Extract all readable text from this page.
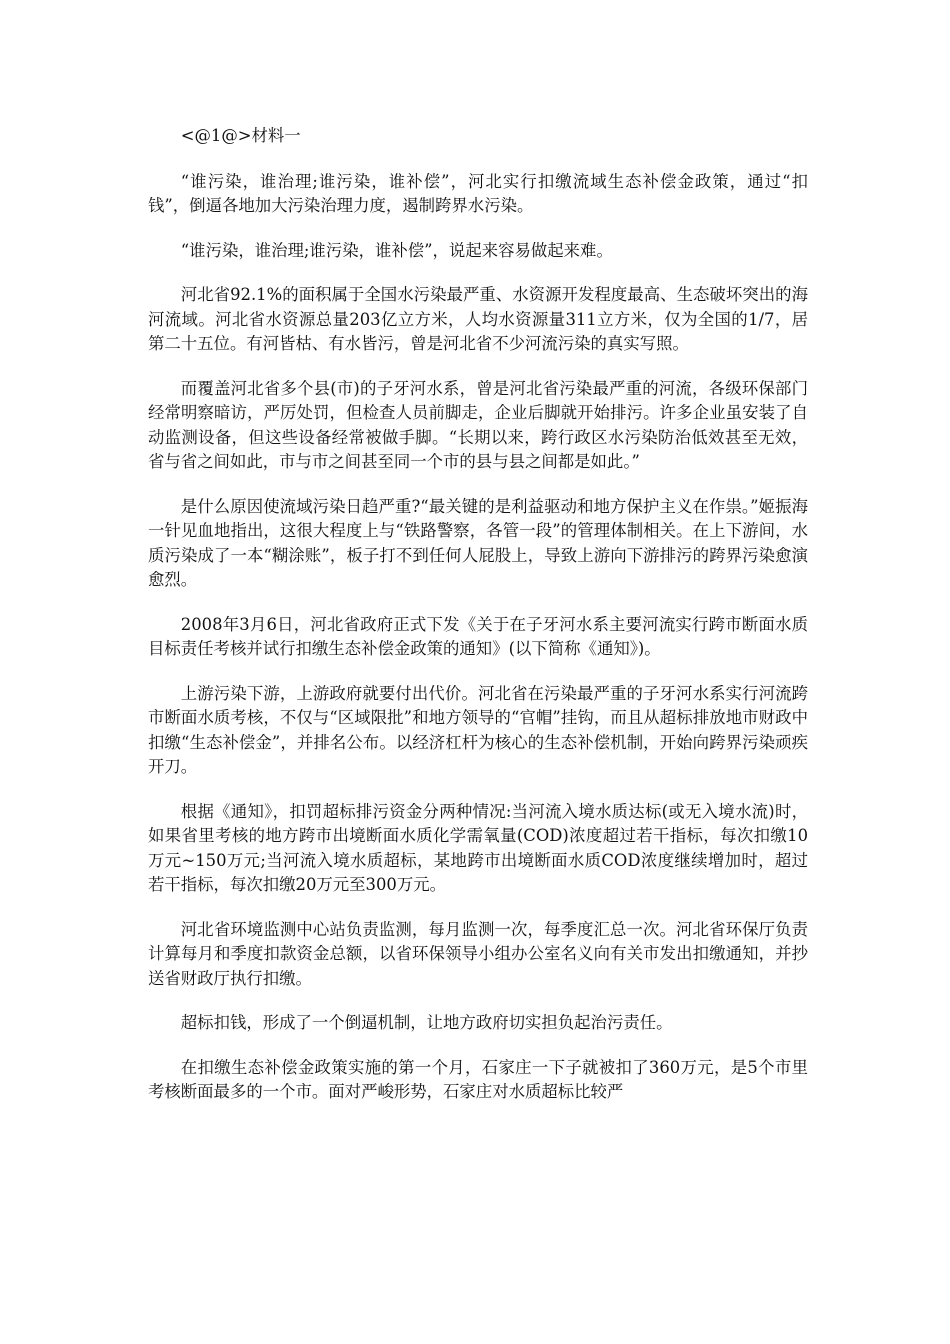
<@1@>材料一

“谁污染，谁治理;谁污染，谁补偿”，河北实行扣缴流域生态补偿金政策，通过“扣钱”，倒逼各地加大污染治理力度，遏制跨界水污染。

“谁污染，谁治理;谁污染，谁补偿”，说起来容易做起来难。

河北省92.1%的面积属于全国水污染最严重、水资源开发程度最高、生态破坏突出的海河流域。河北省水资源总量203亿立方米，人均水资源量311立方米，仅为全国的1/7，居第二十五位。有河皆枯、有水皆污，曾是河北省不少河流污染的真实写照。

而覆盖河北省多个县(市)的子牙河水系，曾是河北省污染最严重的河流，各级环保部门经常明察暗访，严厉处罚，但检查人员前脚走，企业后脚就开始排污。许多企业虽安装了自动监测设备，但这些设备经常被做手脚。“长期以来，跨行政区水污染防治低效甚至无效，省与省之间如此，市与市之间甚至同一个市的县与县之间都是如此。”

是什么原因使流域污染日趋严重?“最关键的是利益驱动和地方保护主义在作祟。”姬振海一针见血地指出，这很大程度上与“铁路警察，各管一段”的管理体制相关。在上下游间，水质污染成了一本“糊涂账”，板子打不到任何人屁股上，导致上游向下游排污的跨界污染愈演愈烈。

2008年3月6日，河北省政府正式下发《关于在子牙河水系主要河流实行跨市断面水质目标责任考核并试行扣缴生态补偿金政策的通知》(以下简称《通知》)。

上游污染下游，上游政府就要付出代价。河北省在污染最严重的子牙河水系实行河流跨市断面水质考核，不仅与“区域限批”和地方领导的“官帽”挂钩，而且从超标排放地市财政中扣缴“生态补偿金”，并排名公布。以经济杠杆为核心的生态补偿机制，开始向跨界污染顽疾开刀。

根据《通知》，扣罚超标排污资金分两种情况:当河流入境水质达标(或无入境水流)时，如果省里考核的地方跨市出境断面水质化学需氧量(COD)浓度超过若干指标，每次扣缴10万元~150万元;当河流入境水质超标，某地跨市出境断面水质COD浓度继续增加时，超过若干指标，每次扣缴20万元至300万元。

河北省环境监测中心站负责监测，每月监测一次，每季度汇总一次。河北省环保厅负责计算每月和季度扣款资金总额，以省环保领导小组办公室名义向有关市发出扣缴通知，并抄送省财政厅执行扣缴。

超标扣钱，形成了一个倒逼机制，让地方政府切实担负起治污责任。

在扣缴生态补偿金政策实施的第一个月，石家庄一下子就被扣了360万元，是5个市里考核断面最多的一个市。面对严峻形势，石家庄对水质超标比较严
